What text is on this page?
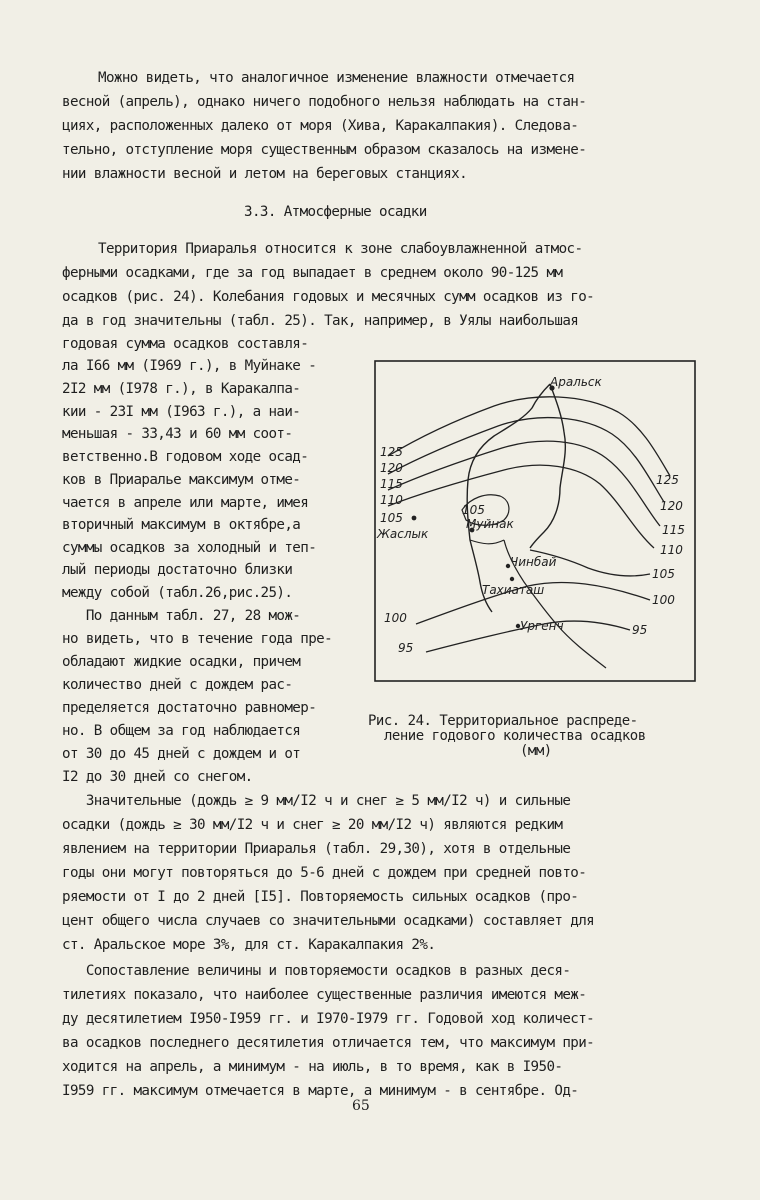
Можно видеть, что аналогичное изменение влажности отмечается
весной (апрель), однако ничего подобного нельзя наблюдать на стан-
циях, расположенных далеко от моря (Хива, Каракалпакия). Следова-
тельно, отступление моря существенным образом сказалось на измене-
нии влажности весной и летом на береговых станциях.
3.3. Атмосферные осадки
Территория Приаралья относится к зоне слабоувлажненной атмос-
ферными осадками, где за год выпадает в среднем около 90-125 мм
осадков (рис. 24). Колебания годовых и месячных сумм осадков из го-
да в год значительны (табл. 25). Так, например, в Уялы наибольшая
годовая сумма осадков составля-
ла I66 мм (I969 г.), в Муйнаке -
2I2 мм (I978 г.), в Каракалпа-
кии - 23I мм (I963 г.), а наи-
меньшая - 33,43 и 60 мм соот-
ветственно.В годовом ходе осад-
ков в Приаралье максимум отме-
чается в апреле или марте, имея
вторичный максимум в октябре,а
суммы осадков за холодный и теп-
лый периоды достаточно близки
между собой (табл.26,рис.25).
По данным табл. 27, 28 мож-
но видеть, что в течение года пре-
обладают жидкие осадки, причем
количество дней с дождем рас-
пределяется достаточно равномер-
но. В общем за год наблюдается
от 30 до 45 дней с дождем и от
I2 до 30 дней со снегом.
Аральск
Муйнак
Жаслык
Чинбай
Тахиаташ
Ургенч
125
120
115
110
105
105
100
95
125
120
115
110
105
100
95
Рис. 24. Территориальное распреде-
ление годового количества осадков
(мм)
Значительные (дождь ≥ 9 мм/I2 ч и снег ≥ 5 мм/I2 ч) и сильные
осадки (дождь ≥ 30 мм/I2 ч и снег ≥ 20 мм/I2 ч) являются редким
явлением на территории Приаралья (табл. 29,30), хотя в отдельные
годы они могут повторяться до 5-6 дней с дождем при средней повто-
ряемости от I до 2 дней [I5]. Повторяемость сильных осадков (про-
цент общего числа случаев со значительными осадками) составляет для
ст. Аральское море 3%, для ст. Каракалпакия 2%.
Сопоставление величины и повторяемости осадков в разных деся-
тилетиях показало, что наиболее существенные различия имеются меж-
ду десятилетием I950-I959 гг. и I970-I979 гг. Годовой ход количест-
ва осадков последнего десятилетия отличается тем, что максимум при-
ходится на апрель, а минимум - на июль, в то время, как в I950-
I959 гг. максимум отмечается в марте, а минимум - в сентябре. Од-
65
